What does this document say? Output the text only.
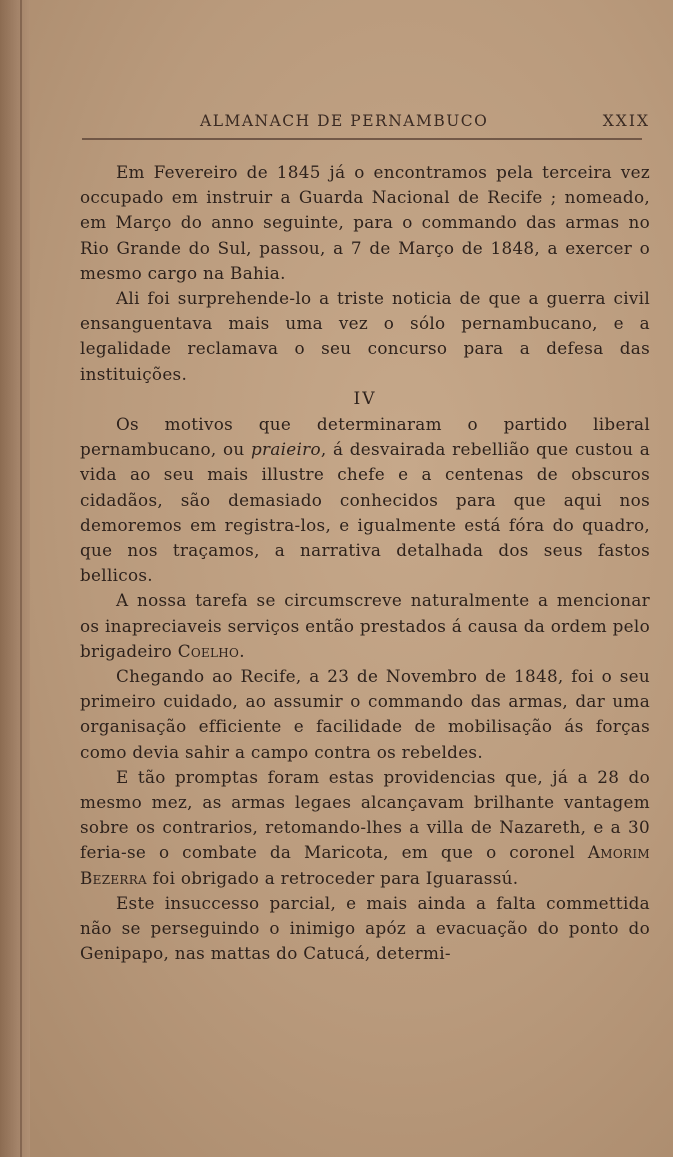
ALMANACH DE PERNAMBUCO	XXIX

Em Fevereiro de 1845 já o encontramos pela terceira vez occupado em instruir a Guarda Nacional de Recife ; nomeado, em Março do anno seguinte, para o commando das armas no Rio Grande do Sul, passou, a 7 de Março de 1848, a exercer o mesmo cargo na Bahia.

Ali foi surprehende-lo a triste noticia de que a guerra civil ensanguentava mais uma vez o sólo pernambucano, e a legalidade reclamava o seu concurso para a defesa das instituições.

IV

Os motivos que determinaram o partido liberal pernambucano, ou praieiro, á desvairada rebellião que custou a vida ao seu mais illustre chefe e a centenas de obscuros cidadãos, são demasiado conhecidos para que aqui nos demoremos em registra-los, e igualmente está fóra do quadro, que nos traçamos, a narrativa detalhada dos seus fastos bellicos.

A nossa tarefa se circumscreve naturalmente a mencionar os inapreciaveis serviços então prestados á causa da ordem pelo brigadeiro Coelho.

Chegando ao Recife, a 23 de Novembro de 1848, foi o seu primeiro cuidado, ao assumir o commando das armas, dar uma organisação efficiente e facilidade de mobilisação ás forças como devia sahir a campo contra os rebeldes.

E tão promptas foram estas providencias que, já a 28 do mesmo mez, as armas legaes alcançavam brilhante vantagem sobre os contrarios, retomando-lhes a villa de Nazareth, e a 30 feria-se o combate da Maricota, em que o coronel Amorim Bezerra foi obrigado a retroceder para Iguarassú.

Este insuccesso parcial, e mais ainda a falta commettida não se perseguindo o inimigo apóz a evacuação do ponto do Genipapo, nas mattas do Catucá, determi-
